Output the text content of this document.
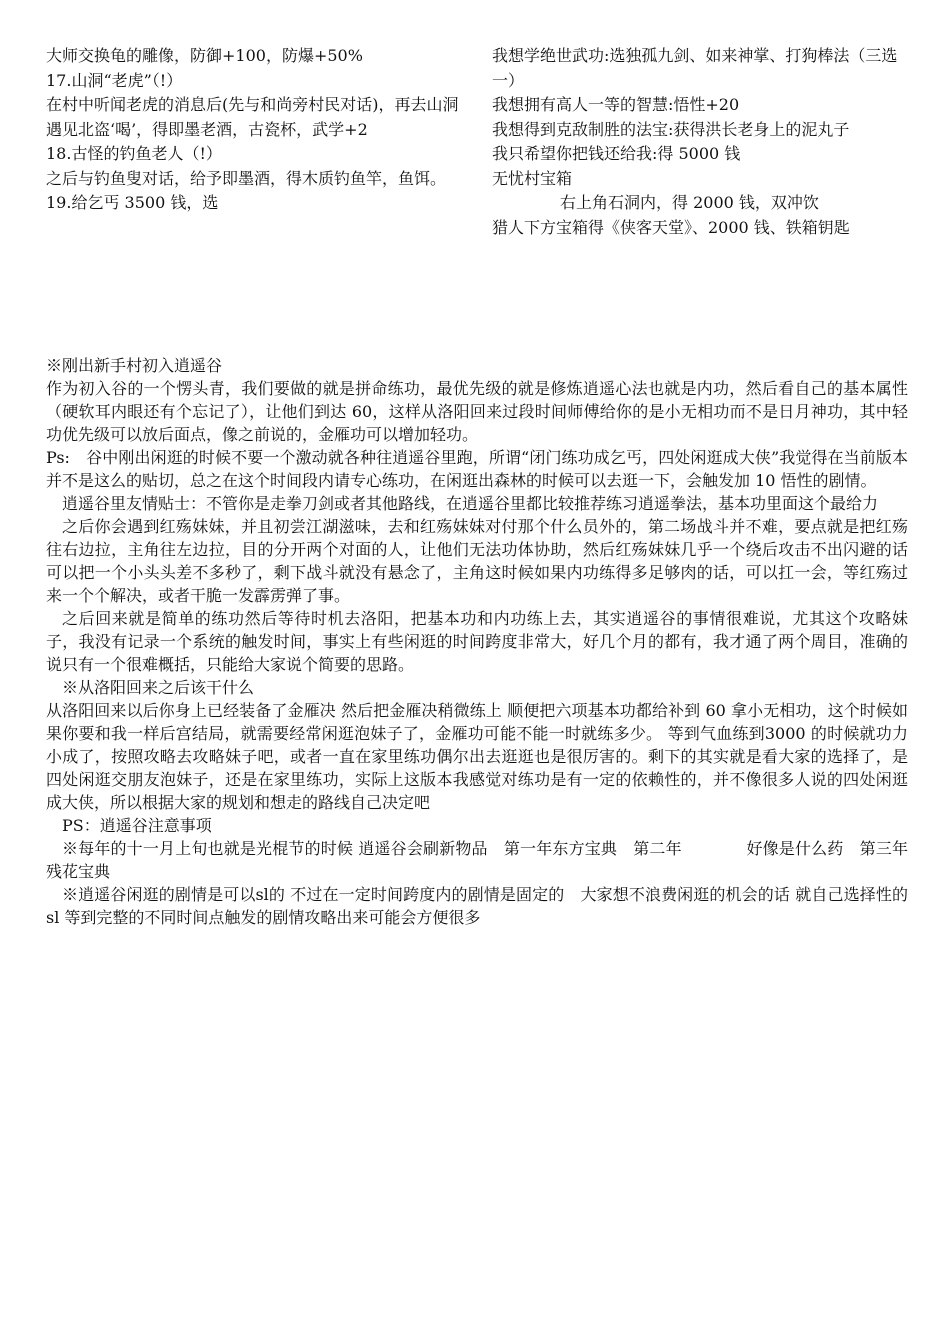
大师交换龟的雕像，防御+100，防爆+50%

17.山洞“老虎”（!）

在村中听闻老虎的消息后(先与和尚旁村民对话)，再去山洞遇见北盗‘喝’，得即墨老酒，古瓷杯，武学+2

18.古怪的钓鱼老人（!）

之后与钓鱼叟对话，给予即墨酒，得木质钓鱼竿，鱼饵。

19.给乞丐 3500 钱，选

我想学绝世武功:选独孤九剑、如来神掌、打狗棒法（三选一）

我想拥有高人一等的智慧:悟性+20

我想得到克敌制胜的法宝:获得洪长老身上的泥丸子

我只希望你把钱还给我:得 5000 钱

无忧村宝箱

右上角石洞内，得 2000 钱，双冲饮

猎人下方宝箱得《侠客天堂》、2000 钱、铁箱钥匙

※刚出新手村初入逍遥谷

作为初入谷的一个愣头青，我们要做的就是拼命练功，最优先级的就是修炼逍遥心法也就是内功，然后看自己的基本属性（硬软耳内眼还有个忘记了），让他们到达 60，这样从洛阳回来过段时间师傅给你的是小无相功而不是日月神功，其中轻功优先级可以放后面点，像之前说的，金雁功可以增加轻功。

Ps:　谷中刚出闲逛的时候不要一个激动就各种往逍遥谷里跑，所谓“闭门练功成乞丐，四处闲逛成大侠”我觉得在当前版本并不是这么的贴切，总之在这个时间段内请专心练功，在闲逛出森林的时候可以去逛一下，会触发加 10 悟性的剧情。

逍遥谷里友情贴士：不管你是走拳刀剑或者其他路线，在逍遥谷里都比较推荐练习逍遥拳法，基本功里面这个最给力

之后你会遇到红殇妹妹，并且初尝江湖滋味，去和红殇妹妹对付那个什么员外的，第二场战斗并不难，要点就是把红殇往右边拉，主角往左边拉，目的分开两个对面的人，让他们无法功体协助，然后红殇妹妹几乎一个绕后攻击不出闪避的话可以把一个小头头差不多秒了，剩下战斗就没有悬念了，主角这时候如果内功练得多足够肉的话，可以扛一会，等红殇过来一个个解决，或者干脆一发霹雳弹了事。

之后回来就是简单的练功然后等待时机去洛阳，把基本功和内功练上去，其实逍遥谷的事情很难说，尤其这个攻略妹子，我没有记录一个系统的触发时间，事实上有些闲逛的时间跨度非常大，好几个月的都有，我才通了两个周目，准确的说只有一个很难概括，只能给大家说个简要的思路。

※从洛阳回来之后该干什么

从洛阳回来以后你身上已经装备了金雁决 然后把金雁决稍微练上 顺便把六项基本功都给补到 60 拿小无相功，这个时候如果你要和我一样后宫结局，就需要经常闲逛泡妹子了，金雁功可能不能一时就练多少。 等到气血练到3000 的时候就功力小成了，按照攻略去攻略妹子吧，或者一直在家里练功偶尔出去逛逛也是很厉害的。剩下的其实就是看大家的选择了，是四处闲逛交朋友泡妹子，还是在家里练功，实际上这版本我感觉对练功是有一定的依赖性的，并不像很多人说的四处闲逛成大侠，所以根据大家的规划和想走的路线自己决定吧

PS：逍遥谷注意事项

※每年的十一月上旬也就是光棍节的时候 逍遥谷会刷新物品　第一年东方宝典　第二年　　　　好像是什么药　第三年残花宝典

※逍遥谷闲逛的剧情是可以sl的 不过在一定时间跨度内的剧情是固定的　大家想不浪费闲逛的机会的话 就自己选择性的 sl 等到完整的不同时间点触发的剧情攻略出来可能会方便很多
